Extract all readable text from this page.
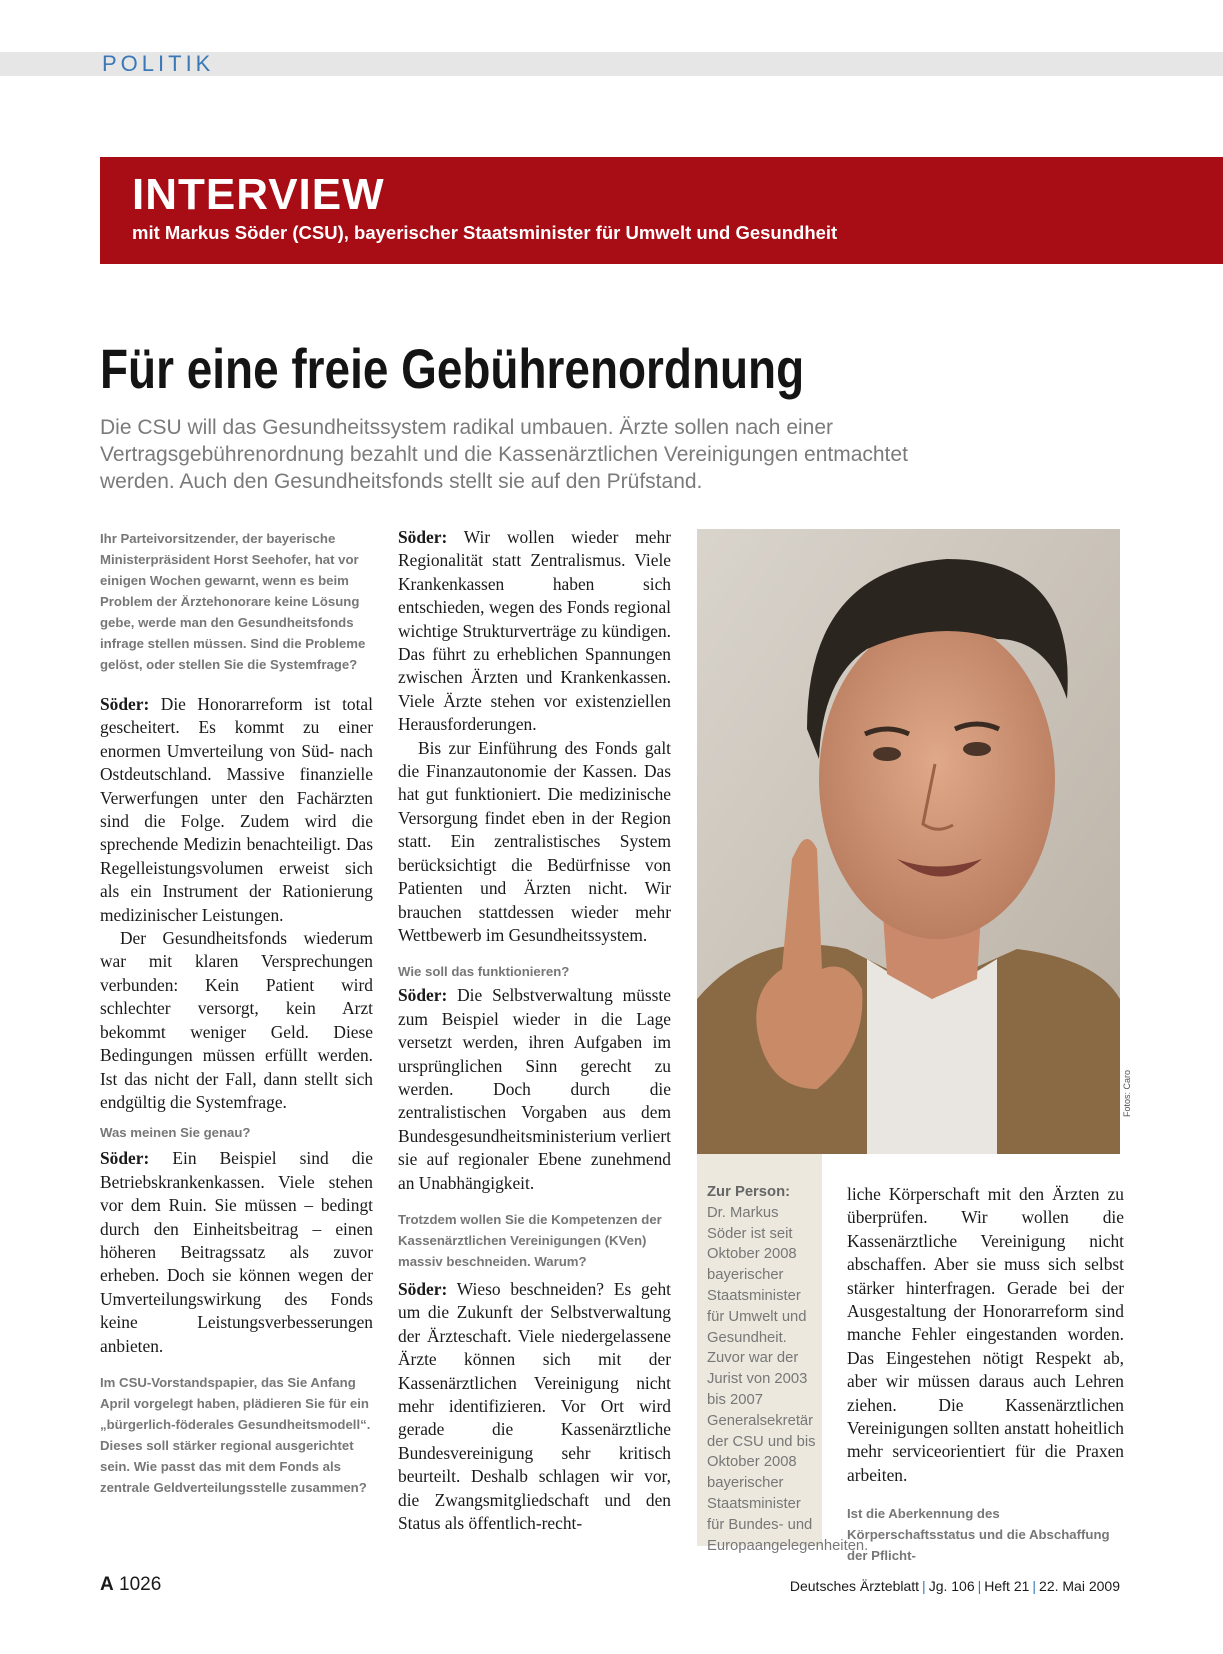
POLITIK
INTERVIEW
mit Markus Söder (CSU), bayerischer Staatsminister für Umwelt und Gesundheit
Für eine freie Gebührenordnung
Die CSU will das Gesundheitssystem radikal umbauen. Ärzte sollen nach einer Vertragsgebührenordnung bezahlt und die Kassenärztlichen Vereinigungen entmachtet werden. Auch den Gesundheitsfonds stellt sie auf den Prüfstand.

Ihr Parteivorsitzender, der bayerische Ministerpräsident Horst Seehofer, hat vor einigen Wochen gewarnt, wenn es beim Problem der Ärztehonorare keine Lösung gebe, werde man den Gesundheitsfonds infrage stellen müssen. Sind die Probleme gelöst, oder stellen Sie die Systemfrage?

Söder: Die Honorarreform ist total gescheitert. Es kommt zu einer enormen Umverteilung von Süd- nach Ostdeutschland. Massive finanzielle Verwerfungen unter den Fachärzten sind die Folge. Zudem wird die sprechende Medizin benachteiligt. Das Regelleistungsvolumen erweist sich als ein Instrument der Rationierung medizinischer Leistungen.

Der Gesundheitsfonds wiederum war mit klaren Versprechungen verbunden: Kein Patient wird schlechter versorgt, kein Arzt bekommt weniger Geld. Diese Bedingungen müssen erfüllt werden. Ist das nicht der Fall, dann stellt sich endgültig die Systemfrage.

Was meinen Sie genau?

Söder: Ein Beispiel sind die Betriebskrankenkassen. Viele stehen vor dem Ruin. Sie müssen – bedingt durch den Einheitsbeitrag – einen höheren Beitragssatz als zuvor erheben. Doch sie können wegen der Umverteilungswirkung des Fonds keine Leistungsverbesserungen anbieten.

Im CSU-Vorstandspapier, das Sie Anfang April vorgelegt haben, plädieren Sie für ein „bürgerlich-föderales Gesundheitsmodell“. Dieses soll stärker regional ausgerichtet sein. Wie passt das mit dem Fonds als zentrale Geldverteilungsstelle zusammen?

Söder: Wir wollen wieder mehr Regionalität statt Zentralismus. Viele Krankenkassen haben sich entschieden, wegen des Fonds regional wichtige Strukturverträge zu kündigen. Das führt zu erheblichen Spannungen zwischen Ärzten und Krankenkassen. Viele Ärzte stehen vor existenziellen Herausforderungen.

Bis zur Einführung des Fonds galt die Finanzautonomie der Kassen. Das hat gut funktioniert. Die medizinische Versorgung findet eben in der Region statt. Ein zentralistisches System berücksichtigt die Bedürfnisse von Patienten und Ärzten nicht. Wir brauchen stattdessen wieder mehr Wettbewerb im Gesundheitssystem.

Wie soll das funktionieren?

Söder: Die Selbstverwaltung müsste zum Beispiel wieder in die Lage versetzt werden, ihren Aufgaben im ursprünglichen Sinn gerecht zu werden. Doch durch die zentralistischen Vorgaben aus dem Bundesgesundheitsministerium verliert sie auf regionaler Ebene zunehmend an Unabhängigkeit.

Trotzdem wollen Sie die Kompetenzen der Kassenärztlichen Vereinigungen (KVen) massiv beschneiden. Warum?

Söder: Wieso beschneiden? Es geht um die Zukunft der Selbstverwaltung der Ärzteschaft. Viele niedergelassene Ärzte können sich mit der Kassenärztlichen Vereinigung nicht mehr identifizieren. Vor Ort wird gerade die Kassenärztliche Bundesvereinigung sehr kritisch beurteilt. Deshalb schlagen wir vor, die Zwangsmitgliedschaft und den Status als öffentlich-recht-

Fotos: Caro
Zur Person:
Dr. Markus Söder ist seit Oktober 2008 bayerischer Staatsminister für Umwelt und Gesundheit. Zuvor war der Jurist von 2003 bis 2007 Generalsekretär der CSU und bis Oktober 2008 bayerischer Staatsminister für Bundes- und Europaangelegenheiten.

liche Körperschaft mit den Ärzten zu überprüfen. Wir wollen die Kassenärztliche Vereinigung nicht abschaffen. Aber sie muss sich selbst stärker hinterfragen. Gerade bei der Ausgestaltung der Honorarreform sind manche Fehler eingestanden worden. Das Eingestehen nötigt Respekt ab, aber wir müssen daraus auch Lehren ziehen. Die Kassenärztlichen Vereinigungen sollten anstatt hoheitlich mehr serviceorientiert für die Praxen arbeiten.

Ist die Aberkennung des Körperschaftsstatus und die Abschaffung der Pflicht-

A 1026	Deutsches Ärzteblatt | Jg. 106 | Heft 21 | 22. Mai 2009
